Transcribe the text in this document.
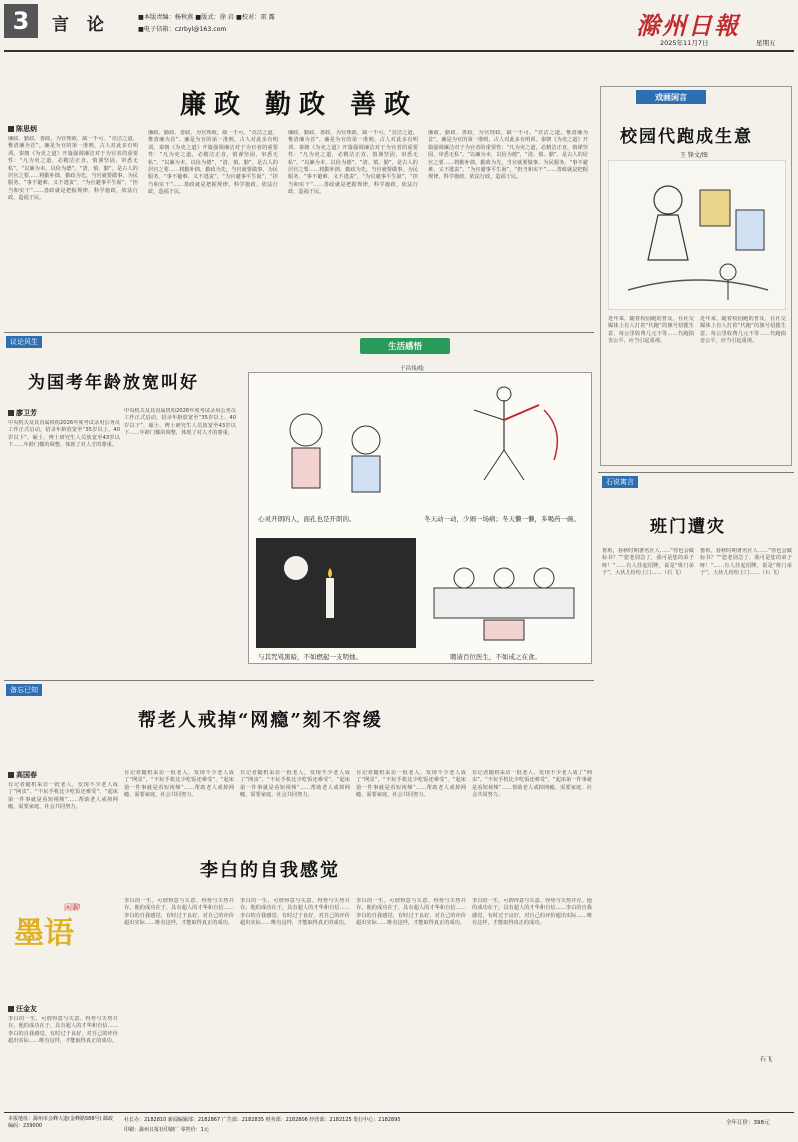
3	言 论	■本版责编：杨秋燕 ■版式：徐 岩 ■校对：雷 露
■电子信箱：czrbyl@163.com	滁州日報
2025年11月7日	星期五
廉政 勤政 善政
陈思炳
廉政、勤政、善政，为官理政，缺一不可。“竞洁之道，惟清廉为首”。廉是为官的第一准则，古人对此多有明训。秦朝《为吏之道》开篇强调廉洁对于为官者的重要性：“凡为吏之道，必精洁正直，慎谨坚固，审悉无私”。“以廉为本，以俭为德”，“清、慎、勤”，是古人的居官之要……将勤补拙，勤政为先，当官就要做事，为民服务。“事不避难、义不逃责”，“为官避事平生耻”，“担当和实干”……善政就是把握规律，科学施政，依法行政，造福于民。
廉政、勤政、善政，为官理政，缺一不可。“竞洁之道，惟清廉为首”。廉是为官的第一准则，古人对此多有明训。秦朝《为吏之道》开篇强调廉洁对于为官者的重要性：“凡为吏之道，必精洁正直，慎谨坚固，审悉无私”。“以廉为本，以俭为德”，“清、慎、勤”，是古人的居官之要……将勤补拙，勤政为先，当官就要做事，为民服务。“事不避难、义不逃责”，“为官避事平生耻”，“担当和实干”……善政就是把握规律，科学施政，依法行政，造福于民。
廉政、勤政、善政，为官理政，缺一不可。“竞洁之道，惟清廉为首”。廉是为官的第一准则，古人对此多有明训。秦朝《为吏之道》开篇强调廉洁对于为官者的重要性：“凡为吏之道，必精洁正直，慎谨坚固，审悉无私”。“以廉为本，以俭为德”，“清、慎、勤”，是古人的居官之要……将勤补拙，勤政为先，当官就要做事，为民服务。“事不避难、义不逃责”，“为官避事平生耻”，“担当和实干”……善政就是把握规律，科学施政，依法行政，造福于民。
廉政、勤政、善政，为官理政，缺一不可。“竞洁之道，惟清廉为首”。廉是为官的第一准则，古人对此多有明训。秦朝《为吏之道》开篇强调廉洁对于为官者的重要性：“凡为吏之道，必精洁正直，慎谨坚固，审悉无私”。“以廉为本，以俭为德”，“清、慎、勤”，是古人的居官之要……将勤补拙，勤政为先，当官就要做事，为民服务。“事不避难、义不逃责”，“为官避事平生耻”，“担当和实干”……善政就是把握规律，科学施政，依法行政，造福于民。
戏画闲言
校园代跑成生意
王 锋文/图
近年来，随着校园跑的普及，在社交媒体上有人打着“代跑”的旗号招揽生意，每公里收费几元不等……代跑损害公平，应当引起重视。
近年来，随着校园跑的普及，在社交媒体上有人打着“代跑”的旗号招揽生意，每公里收费几元不等……代跑损害公平，应当引起重视。
议论风生
为国考年龄放宽叫好
廖卫芳
中央机关及其直属机构2026年度考试录用公务员工作正式启动，招录年龄放宽至“35岁以上、40岁以下”，硕士、博士研究生人员放宽至43岁以下……年龄门槛的调整，体现了对人才的尊重。
中央机关及其直属机构2026年度考试录用公务员工作正式启动，招录年龄放宽至“35岁以上、40岁以下”，硕士、博士研究生人员放宽至43岁以下……年龄门槛的调整，体现了对人才的尊重。
生活感悟
于昌伟/绘
心灵开朗的人，面孔也是开朗的。	冬天动一动，少闹一场病；冬天懒一懒，多喝药一碗。
与其咒骂黑暗，不如燃起一支明烛。	聘请百位医生，不如戒之在食。
石说寓言
班门遭灾
鲁班，春秋时期著名匠人……“你也会做标书？”“您老别急了，我可是您的弟子呀！”……有人挂起招牌，说是“班门弟子”，大伙儿纷纷上门……（石 飞）
鲁班，春秋时期著名匠人……“你也会做标书？”“您老别急了，我可是您的弟子呀！”……有人挂起招牌，说是“班门弟子”，大伙儿纷纷上门……（石 飞）
石飞
备忘已知
帮老人戒掉“网瘾”刻不容缓
高国春
有记者随机采访一批老人，发现不少老人成了“网虫”，“不玩手机比少吃饭还难受”，“起床第一件事就是看短视频”……帮助老人戒掉网瘾，需要家庭、社会共同努力。
有记者随机采访一批老人，发现不少老人成了“网虫”，“不玩手机比少吃饭还难受”，“起床第一件事就是看短视频”……帮助老人戒掉网瘾，需要家庭、社会共同努力。
有记者随机采访一批老人，发现不少老人成了“网虫”，“不玩手机比少吃饭还难受”，“起床第一件事就是看短视频”……帮助老人戒掉网瘾，需要家庭、社会共同努力。
有记者随机采访一批老人，发现不少老人成了“网虫”，“不玩手机比少吃饭还难受”，“起床第一件事就是看短视频”……帮助老人戒掉网瘾，需要家庭、社会共同努力。
有记者随机采访一批老人，发现不少老人成了“网虫”，“不玩手机比少吃饭还难受”，“起床第一件事就是看短视频”……帮助老人戒掉网瘾，需要家庭、社会共同努力。
李白的自我感觉
墨语
闲聊
汪金友
李白的一生，可谓得意与失意、得势与失势并存。他的成功在于，具有超人的才华和自信……李白的自我感觉，有时过于良好，对自己的评价超出实际……唯有这样，才能取得真正的成功。
李白的一生，可谓得意与失意、得势与失势并存。他的成功在于，具有超人的才华和自信……李白的自我感觉，有时过于良好，对自己的评价超出实际……唯有这样，才能取得真正的成功。
李白的一生，可谓得意与失意、得势与失势并存。他的成功在于，具有超人的才华和自信……李白的自我感觉，有时过于良好，对自己的评价超出实际……唯有这样，才能取得真正的成功。
李白的一生，可谓得意与失意、得势与失势并存。他的成功在于，具有超人的才华和自信……李白的自我感觉，有时过于良好，对自己的评价超出实际……唯有这样，才能取得真正的成功。
李白的一生，可谓得意与失意、得势与失势并存。他的成功在于，具有超人的才华和自信……李白的自我感觉，有时过于良好，对自己的评价超出实际……唯有这样，才能取得真正的成功。
本报地址：滁州市会峰大道(金峰路588号) 邮政编码：239000
社长办：2182810 新闻编辑部：2182867 广告部：2182835 财务部：2182806 经营部：2182125 发行中心：2182895
印刷：滁州日报社印刷厂 零售价：1元
全年订价：398元
